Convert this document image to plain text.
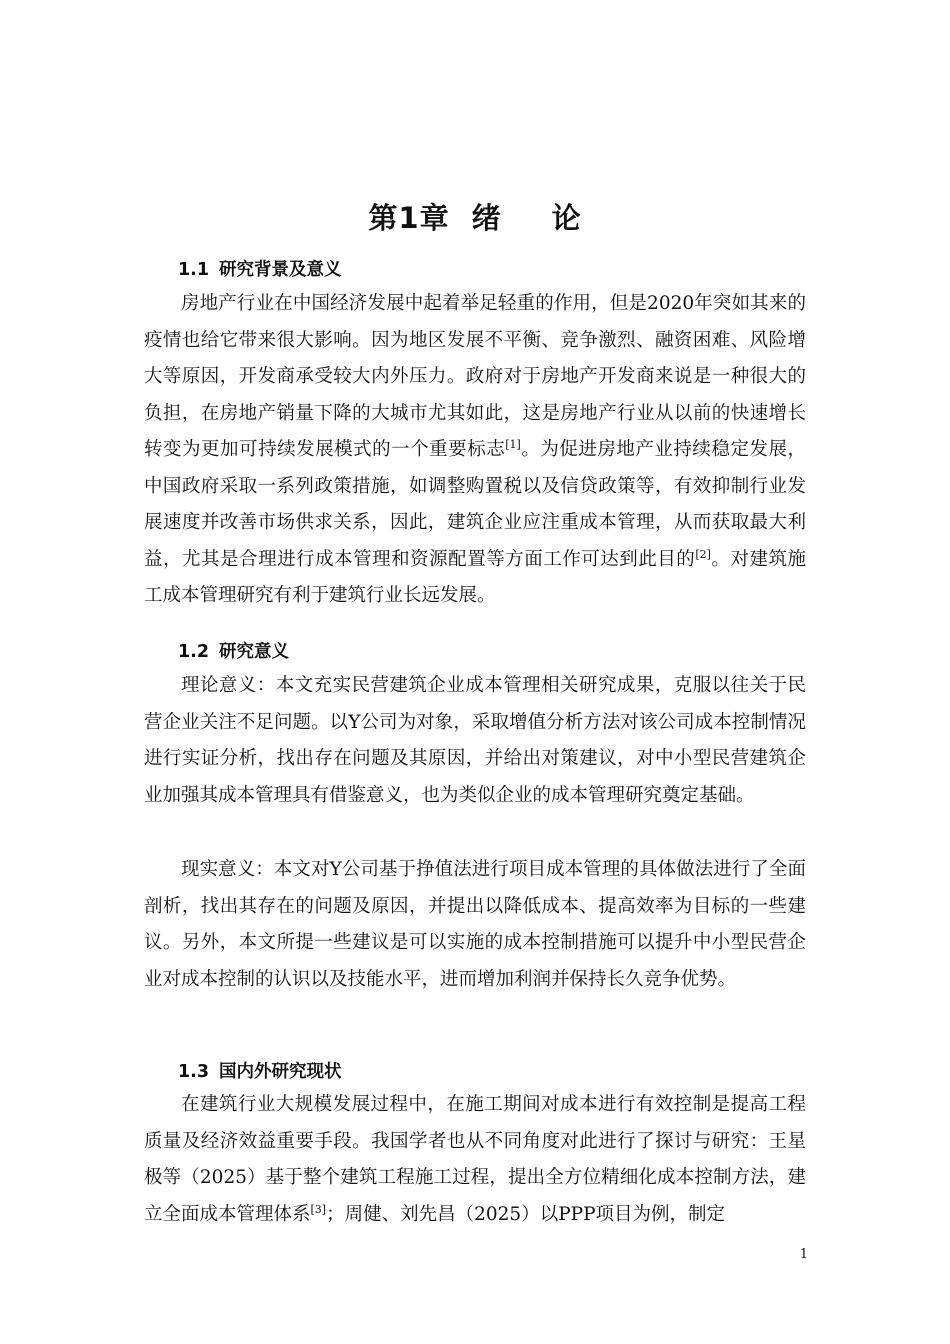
第1章 绪 论
1.1 研究背景及意义

房地产行业在中国经济发展中起着举足轻重的作用，但是2020年突如其来的疫情也给它带来很大影响。因为地区发展不平衡、竞争激烈、融资困难、风险增大等原因，开发商承受较大内外压力。政府对于房地产开发商来说是一种很大的负担，在房地产销量下降的大城市尤其如此，这是房地产行业从以前的快速增长转变为更加可持续发展模式的一个重要标志[1]。为促进房地产业持续稳定发展，中国政府采取一系列政策措施，如调整购置税以及信贷政策等，有效抑制行业发展速度并改善市场供求关系，因此，建筑企业应注重成本管理，从而获取最大利益，尤其是合理进行成本管理和资源配置等方面工作可达到此目的[2]。对建筑施工成本管理研究有利于建筑行业长远发展。

1.2 研究意义

理论意义：本文充实民营建筑企业成本管理相关研究成果，克服以往关于民营企业关注不足问题。以Y公司为对象，采取增值分析方法对该公司成本控制情况进行实证分析，找出存在问题及其原因，并给出对策建议，对中小型民营建筑企业加强其成本管理具有借鉴意义，也为类似企业的成本管理研究奠定基础。

现实意义：本文对Y公司基于挣值法进行项目成本管理的具体做法进行了全面剖析，找出其存在的问题及原因，并提出以降低成本、提高效率为目标的一些建议。另外，本文所提一些建议是可以实施的成本控制措施可以提升中小型民营企业对成本控制的认识以及技能水平，进而增加利润并保持长久竞争优势。

1.3 国内外研究现状

在建筑行业大规模发展过程中，在施工期间对成本进行有效控制是提高工程质量及经济效益重要手段。我国学者也从不同角度对此进行了探讨与研究：王星极等（2025）基于整个建筑工程施工过程，提出全方位精细化成本控制方法，建立全面成本管理体系[3]；周健、刘先昌（2025）以PPP项目为例，制定

1
